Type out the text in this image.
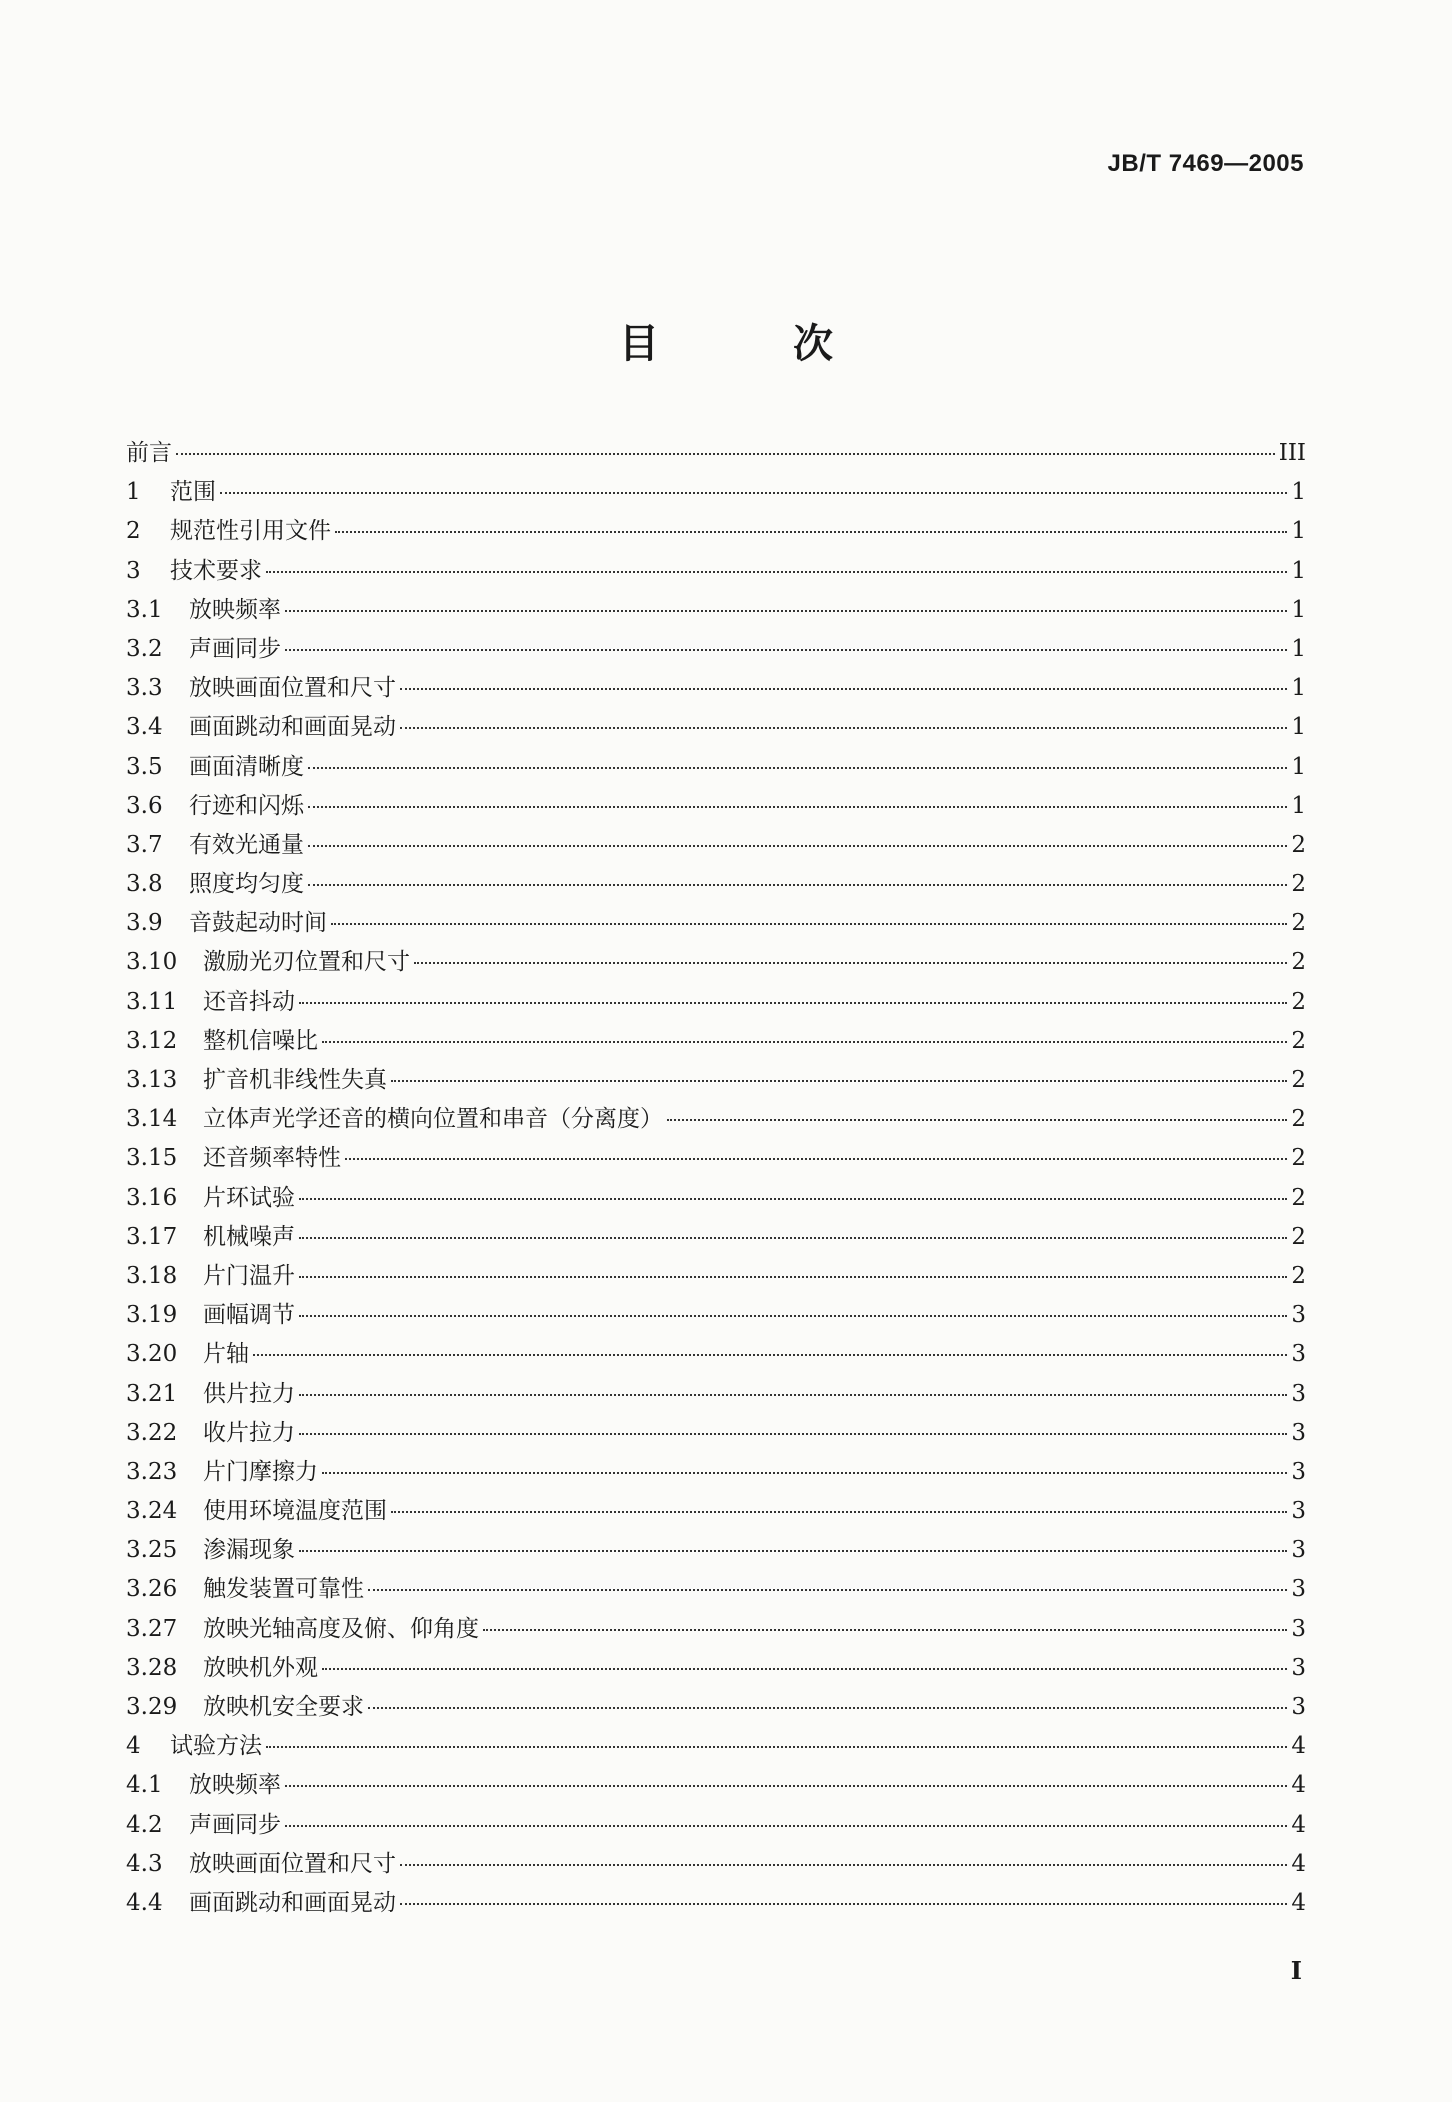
JB/T 7469—2005
目 次
前言	III
1	范围	1
2	规范性引用文件	1
3	技术要求	1
3.1	放映频率	1
3.2	声画同步	1
3.3	放映画面位置和尺寸	1
3.4	画面跳动和画面晃动	1
3.5	画面清晰度	1
3.6	行迹和闪烁	1
3.7	有效光通量	2
3.8	照度均匀度	2
3.9	音鼓起动时间	2
3.10	激励光刃位置和尺寸	2
3.11	还音抖动	2
3.12	整机信噪比	2
3.13	扩音机非线性失真	2
3.14	立体声光学还音的横向位置和串音（分离度）	2
3.15	还音频率特性	2
3.16	片环试验	2
3.17	机械噪声	2
3.18	片门温升	2
3.19	画幅调节	3
3.20	片轴	3
3.21	供片拉力	3
3.22	收片拉力	3
3.23	片门摩擦力	3
3.24	使用环境温度范围	3
3.25	渗漏现象	3
3.26	触发装置可靠性	3
3.27	放映光轴高度及俯、仰角度	3
3.28	放映机外观	3
3.29	放映机安全要求	3
4	试验方法	4
4.1	放映频率	4
4.2	声画同步	4
4.3	放映画面位置和尺寸	4
4.4	画面跳动和画面晃动	4
I
